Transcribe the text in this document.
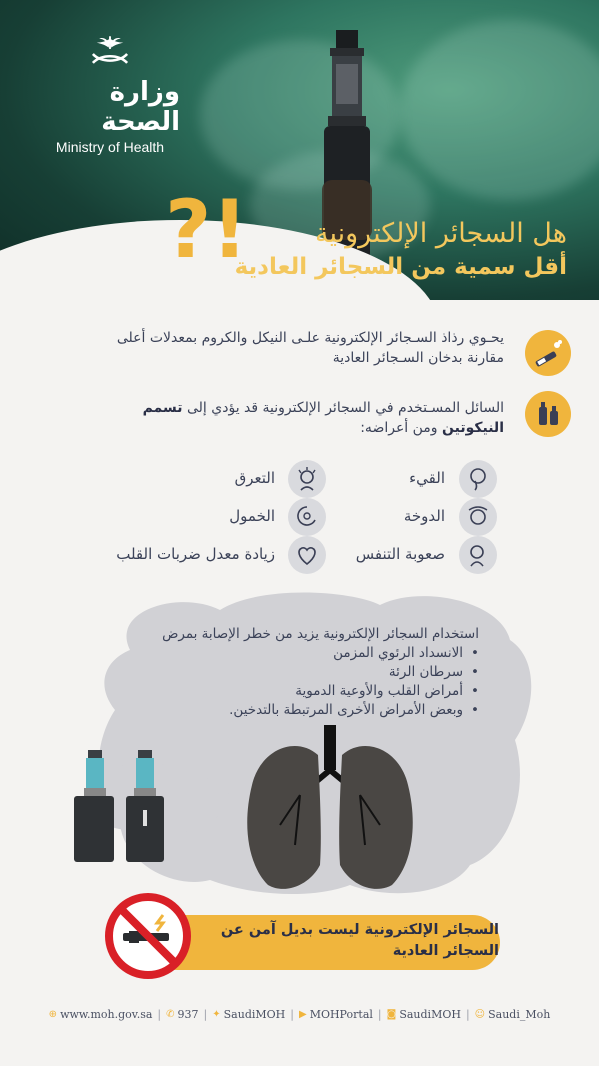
وزارة الصحة
Ministry of Health
?! هل السجائر الإلكترونية
أقل سمية من السجائر العادية
يحـوي رذاذ السـجائر الإلكترونية علـى النيكل والكروم بمعدلات أعلى مقارنة بدخان السـجائر العادية
السائل المسـتخدم في السجائر الإلكترونية قد يؤدي إلى تسمم النيكوتين ومن أعراضه:
القيء
الدوخة
صعوبة التنفس
التعرق
الخمول
زيادة معدل ضربات القلب
استخدام السجائر الإلكترونية يزيد من خطر الإصابة بمرض
• الانسداد الرئوي المزمن
• سرطان الرئة
• أمراض القلب والأوعية الدموية
• وبعض الأمراض الأخرى المرتبطة بالتدخين.
السجائر الإلكترونية ليست بديل آمن عن
السجائر العادية
⊕ www.moh.gov.sa | ✆ 937 | ✦ SaudiMOH | ▶ MOHPortal | ◙ SaudiMOH | ☺ Saudi_Moh
